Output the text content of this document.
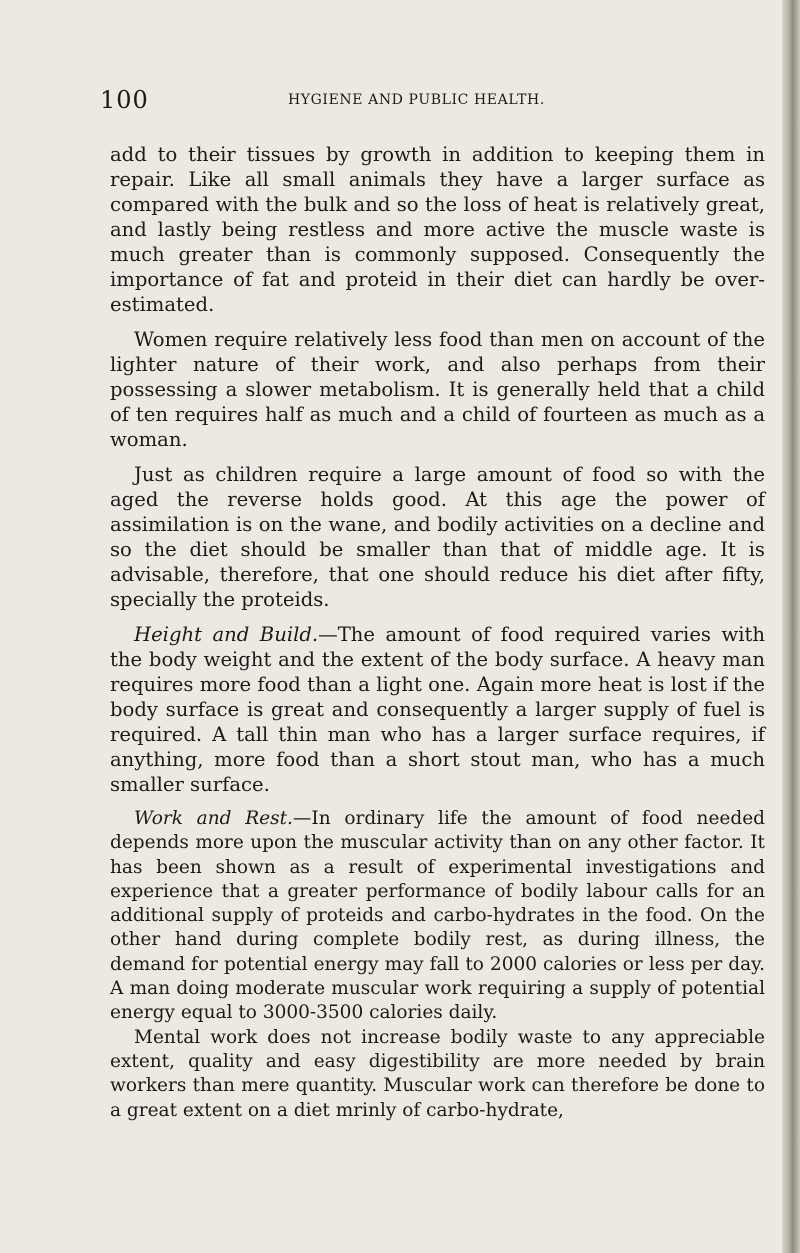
100	HYGIENE AND PUBLIC HEALTH.

add to their tissues by growth in addition to keeping them in repair. Like all small animals they have a larger surface as compared with the bulk and so the loss of heat is relatively great, and lastly being restless and more active the muscle waste is much greater than is commonly supposed. Consequently the importance of fat and proteid in their diet can hardly be over-estimated.

Women require relatively less food than men on account of the lighter nature of their work, and also perhaps from their possessing a slower metabolism. It is generally held that a child of ten requires half as much and a child of fourteen as much as a woman.

Just as children require a large amount of food so with the aged the reverse holds good. At this age the power of assimilation is on the wane, and bodily activities on a decline and so the diet should be smaller than that of middle age. It is advisable, therefore, that one should reduce his diet after fifty, specially the proteids.

Height and Build.—The amount of food required varies with the body weight and the extent of the body surface. A heavy man requires more food than a light one. Again more heat is lost if the body surface is great and consequently a larger supply of fuel is required. A tall thin man who has a larger surface requires, if anything, more food than a short stout man, who has a much smaller surface.

Work and Rest.—In ordinary life the amount of food needed depends more upon the muscular activity than on any other factor. It has been shown as a result of experimental investigations and experience that a greater performance of bodily labour calls for an additional supply of proteids and carbo-hydrates in the food. On the other hand during complete bodily rest, as during illness, the demand for potential energy may fall to 2000 calories or less per day. A man doing moderate muscular work requiring a supply of potential energy equal to 3000-3500 calories daily.

Mental work does not increase bodily waste to any appreciable extent, quality and easy digestibility are more needed by brain workers than mere quantity. Muscular work can therefore be done to a great extent on a diet mrinly of carbo-hydrate,
